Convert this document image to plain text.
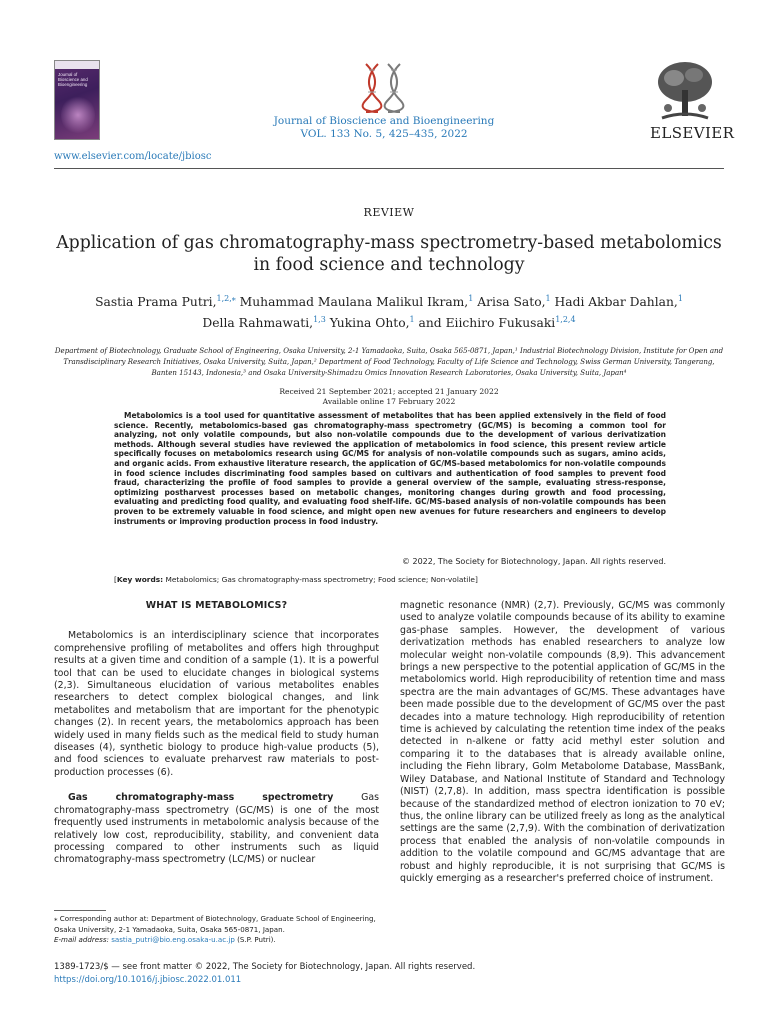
Journal of Bioscience and Bioengineering
Journal of Bioscience and Bioengineering
VOL. 133 No. 5, 425–435, 2022
www.elsevier.com/locate/jbiosc
ELSEVIER
REVIEW
Application of gas chromatography-mass spectrometry-based metabolomics in food science and technology
Sastia Prama Putri,$^{1,2,⁎}$ Muhammad Maulana Malikul Ikram,$^1$ Arisa Sato,$^1$ Hadi Akbar Dahlan,$^1$
Della Rahmawati,$^{1,3}$ Yukina Ohto,$^1$ and Eiichiro Fukusaki$^{1,2,4}$
Department of Biotechnology, Graduate School of Engineering, Osaka University, 2-1 Yamadaoka, Suita, Osaka 565-0871, Japan,¹ Industrial Biotechnology Division, Institute for Open and Transdisciplinary Research Initiatives, Osaka University, Suita, Japan,² Department of Food Technology, Faculty of Life Science and Technology, Swiss German University, Tangerang, Banten 15143, Indonesia,³ and Osaka University-Shimadzu Omics Innovation Research Laboratories, Osaka University, Suita, Japan⁴
Received 21 September 2021; accepted 21 January 2022
Available online 17 February 2022
Metabolomics is a tool used for quantitative assessment of metabolites that has been applied extensively in the field of food science. Recently, metabolomics-based gas chromatography-mass spectrometry (GC/MS) is becoming a common tool for analyzing, not only volatile compounds, but also non-volatile compounds due to the development of various derivatization methods. Although several studies have reviewed the application of metabolomics in food science, this present review article specifically focuses on metabolomics research using GC/MS for analysis of non-volatile compounds such as sugars, amino acids, and organic acids. From exhaustive literature research, the application of GC/MS-based metabolomics for non-volatile compounds in food science includes discriminating food samples based on cultivars and authentication of food samples to prevent food fraud, characterizing the profile of food samples to provide a general overview of the sample, evaluating stress-response, optimizing postharvest processes based on metabolic changes, monitoring changes during growth and food processing, evaluating and predicting food quality, and evaluating food shelf-life. GC/MS-based analysis of non-volatile compounds has been proven to be extremely valuable in food science, and might open new avenues for future researchers and engineers to develop instruments or improving production process in food industry.
© 2022, The Society for Biotechnology, Japan. All rights reserved.
[Key words: Metabolomics; Gas chromatography-mass spectrometry; Food science; Non-volatile]
WHAT IS METABOLOMICS?

Metabolomics is an interdisciplinary science that incorporates comprehensive profiling of metabolites and offers high throughput results at a given time and condition of a sample (1). It is a powerful tool that can be used to elucidate changes in biological systems (2,3). Simultaneous elucidation of various metabolites enables researchers to detect complex biological changes, and link metabolites and metabolism that are important for the phenotypic changes (2). In recent years, the metabolomics approach has been widely used in many fields such as the medical field to study human diseases (4), synthetic biology to produce high-value products (5), and food sciences to evaluate preharvest raw materials to post-production processes (6).

Gas chromatography-mass spectrometry Gas chromatography-mass spectrometry (GC/MS) is one of the most frequently used instruments in metabolomic analysis because of the relatively low cost, reproducibility, stability, and convenient data processing compared to other instruments such as liquid chromatography-mass spectrometry (LC/MS) or nuclear

magnetic resonance (NMR) (2,7). Previously, GC/MS was commonly used to analyze volatile compounds because of its ability to examine gas-phase samples. However, the development of various derivatization methods has enabled researchers to analyze low molecular weight non-volatile compounds (8,9). This advancement brings a new perspective to the potential application of GC/MS in the metabolomics world. High reproducibility of retention time and mass spectra are the main advantages of GC/MS. These advantages have been made possible due to the development of GC/MS over the past decades into a mature technology. High reproducibility of retention time is achieved by calculating the retention time index of the peaks detected in n-alkene or fatty acid methyl ester solution and comparing it to the databases that is already available online, including the Fiehn library, Golm Metabolome Database, MassBank, Wiley Database, and National Institute of Standard and Technology (NIST) (2,7,8). In addition, mass spectra identification is possible because of the standardized method of electron ionization to 70 eV; thus, the online library can be utilized freely as long as the analytical settings are the same (2,7,9). With the combination of derivatization process that enabled the analysis of non-volatile compounds in addition to the volatile compound and GC/MS advantage that are robust and highly reproducible, it is not surprising that GC/MS is quickly emerging as a researcher's preferred choice of instrument.

⁎ Corresponding author at: Department of Biotechnology, Graduate School of Engineering, Osaka University, 2-1 Yamadaoka, Suita, Osaka 565-0871, Japan.
E-mail address: sastia_putri@bio.eng.osaka-u.ac.jp (S.P. Putri).
1389-1723/$ — see front matter © 2022, The Society for Biotechnology, Japan. All rights reserved.
https://doi.org/10.1016/j.jbiosc.2022.01.011
